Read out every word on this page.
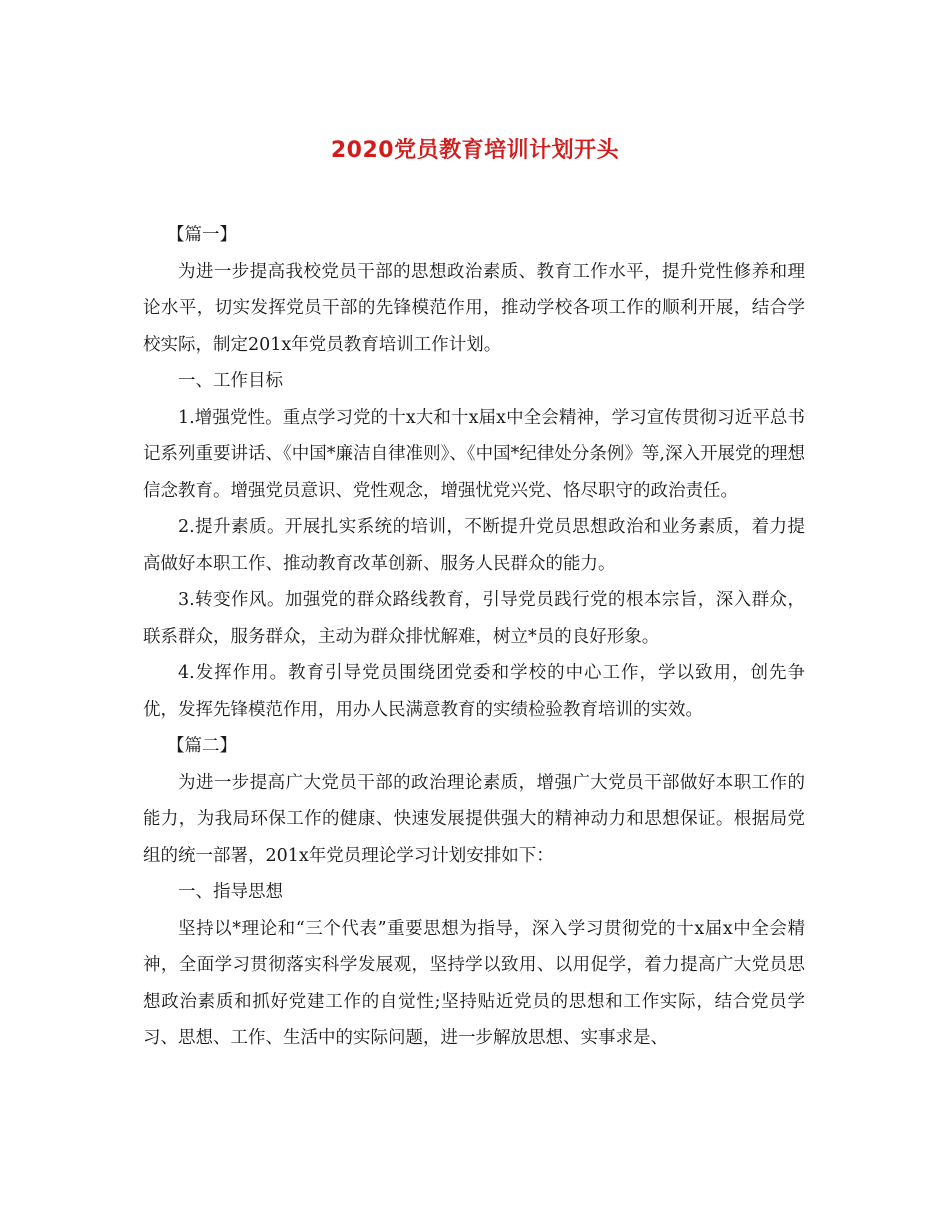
2020党员教育培训计划开头

【篇一】

为进一步提高我校党员干部的思想政治素质、教育工作水平，提升党性修养和理论水平，切实发挥党员干部的先锋模范作用，推动学校各项工作的顺利开展，结合学校实际，制定201x年党员教育培训工作计划。

一、工作目标

1.增强党性。重点学习党的十x大和十x届x中全会精神，学习宣传贯彻习近平总书记系列重要讲话、《中国*廉洁自律准则》、《中国*纪律处分条例》等,深入开展党的理想信念教育。增强党员意识、党性观念，增强忧党兴党、恪尽职守的政治责任。

2.提升素质。开展扎实系统的培训，不断提升党员思想政治和业务素质，着力提高做好本职工作、推动教育改革创新、服务人民群众的能力。

3.转变作风。加强党的群众路线教育，引导党员践行党的根本宗旨，深入群众，联系群众，服务群众，主动为群众排忧解难，树立*员的良好形象。

4.发挥作用。教育引导党员围绕团党委和学校的中心工作，学以致用，创先争优，发挥先锋模范作用，用办人民满意教育的实绩检验教育培训的实效。

【篇二】

为进一步提高广大党员干部的政治理论素质，增强广大党员干部做好本职工作的能力，为我局环保工作的健康、快速发展提供强大的精神动力和思想保证。根据局党组的统一部署，201x年党员理论学习计划安排如下：

一、指导思想

坚持以*理论和“三个代表”重要思想为指导，深入学习贯彻党的十x届x中全会精神，全面学习贯彻落实科学发展观，坚持学以致用、以用促学，着力提高广大党员思想政治素质和抓好党建工作的自觉性;坚持贴近党员的思想和工作实际，结合党员学习、思想、工作、生活中的实际问题，进一步解放思想、实事求是、
